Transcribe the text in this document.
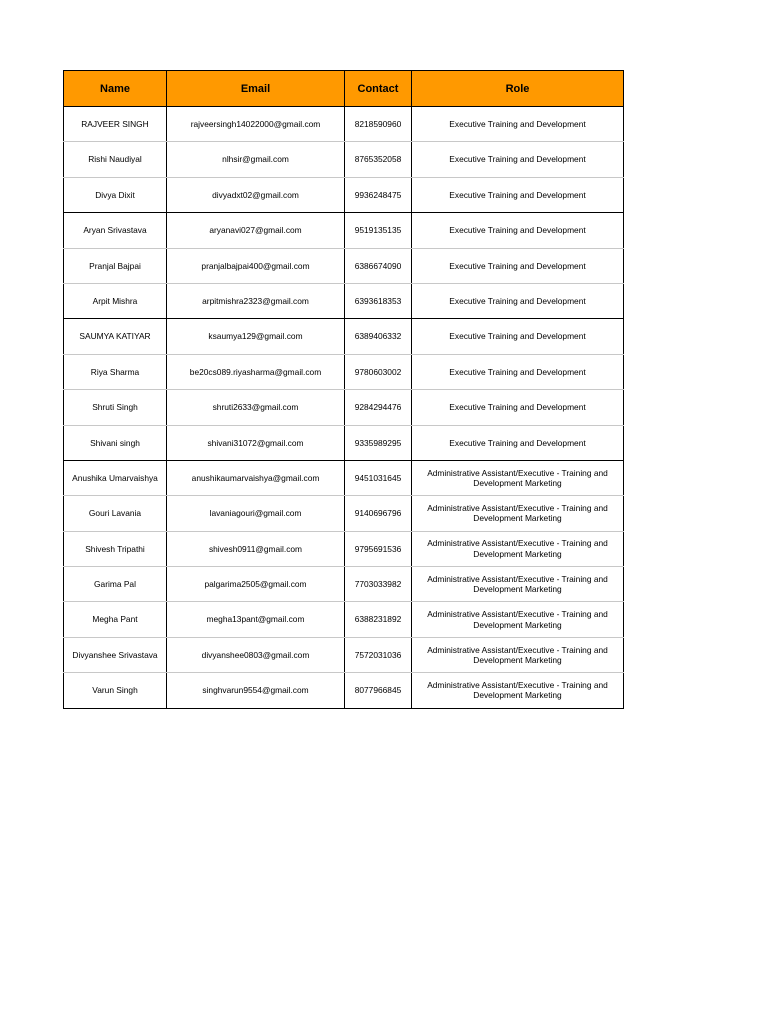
Name	Email	Contact	Role
RAJVEER SINGH	rajveersingh14022000@gmail.com	8218590960	Executive Training and Development
Rishi Naudiyal	nlhsir@gmail.com	8765352058	Executive Training and Development
Divya Dixit	divyadxt02@gmail.com	9936248475	Executive Training and Development
Aryan Srivastava	aryanavi027@gmail.com	9519135135	Executive Training and Development
Pranjal Bajpai	pranjalbajpai400@gmail.com	6386674090	Executive Training and Development
Arpit Mishra	arpitmishra2323@gmail.com	6393618353	Executive Training and Development
SAUMYA KATIYAR	ksaumya129@gmail.com	6389406332	Executive Training and Development
Riya Sharma	be20cs089.riyasharma@gmail.com	9780603002	Executive Training and Development
Shruti Singh	shruti2633@gmail.com	9284294476	Executive Training and Development
Shivani singh	shivani31072@gmail.com	9335989295	Executive Training and Development
Anushika Umarvaishya	anushikaumarvaishya@gmail.com	9451031645	Administrative Assistant/Executive - Training and Development Marketing
Gouri Lavania	lavaniagouri@gmail.com	9140696796	Administrative Assistant/Executive - Training and Development Marketing
Shivesh Tripathi	shivesh0911@gmail.com	9795691536	Administrative Assistant/Executive - Training and Development Marketing
Garima Pal	palgarima2505@gmail.com	7703033982	Administrative Assistant/Executive - Training and Development Marketing
Megha Pant	megha13pant@gmail.com	6388231892	Administrative Assistant/Executive - Training and Development Marketing
Divyanshee Srivastava	divyanshee0803@gmail.com	7572031036	Administrative Assistant/Executive - Training and Development Marketing
Varun Singh	singhvarun9554@gmail.com	8077966845	Administrative Assistant/Executive - Training and Development Marketing
